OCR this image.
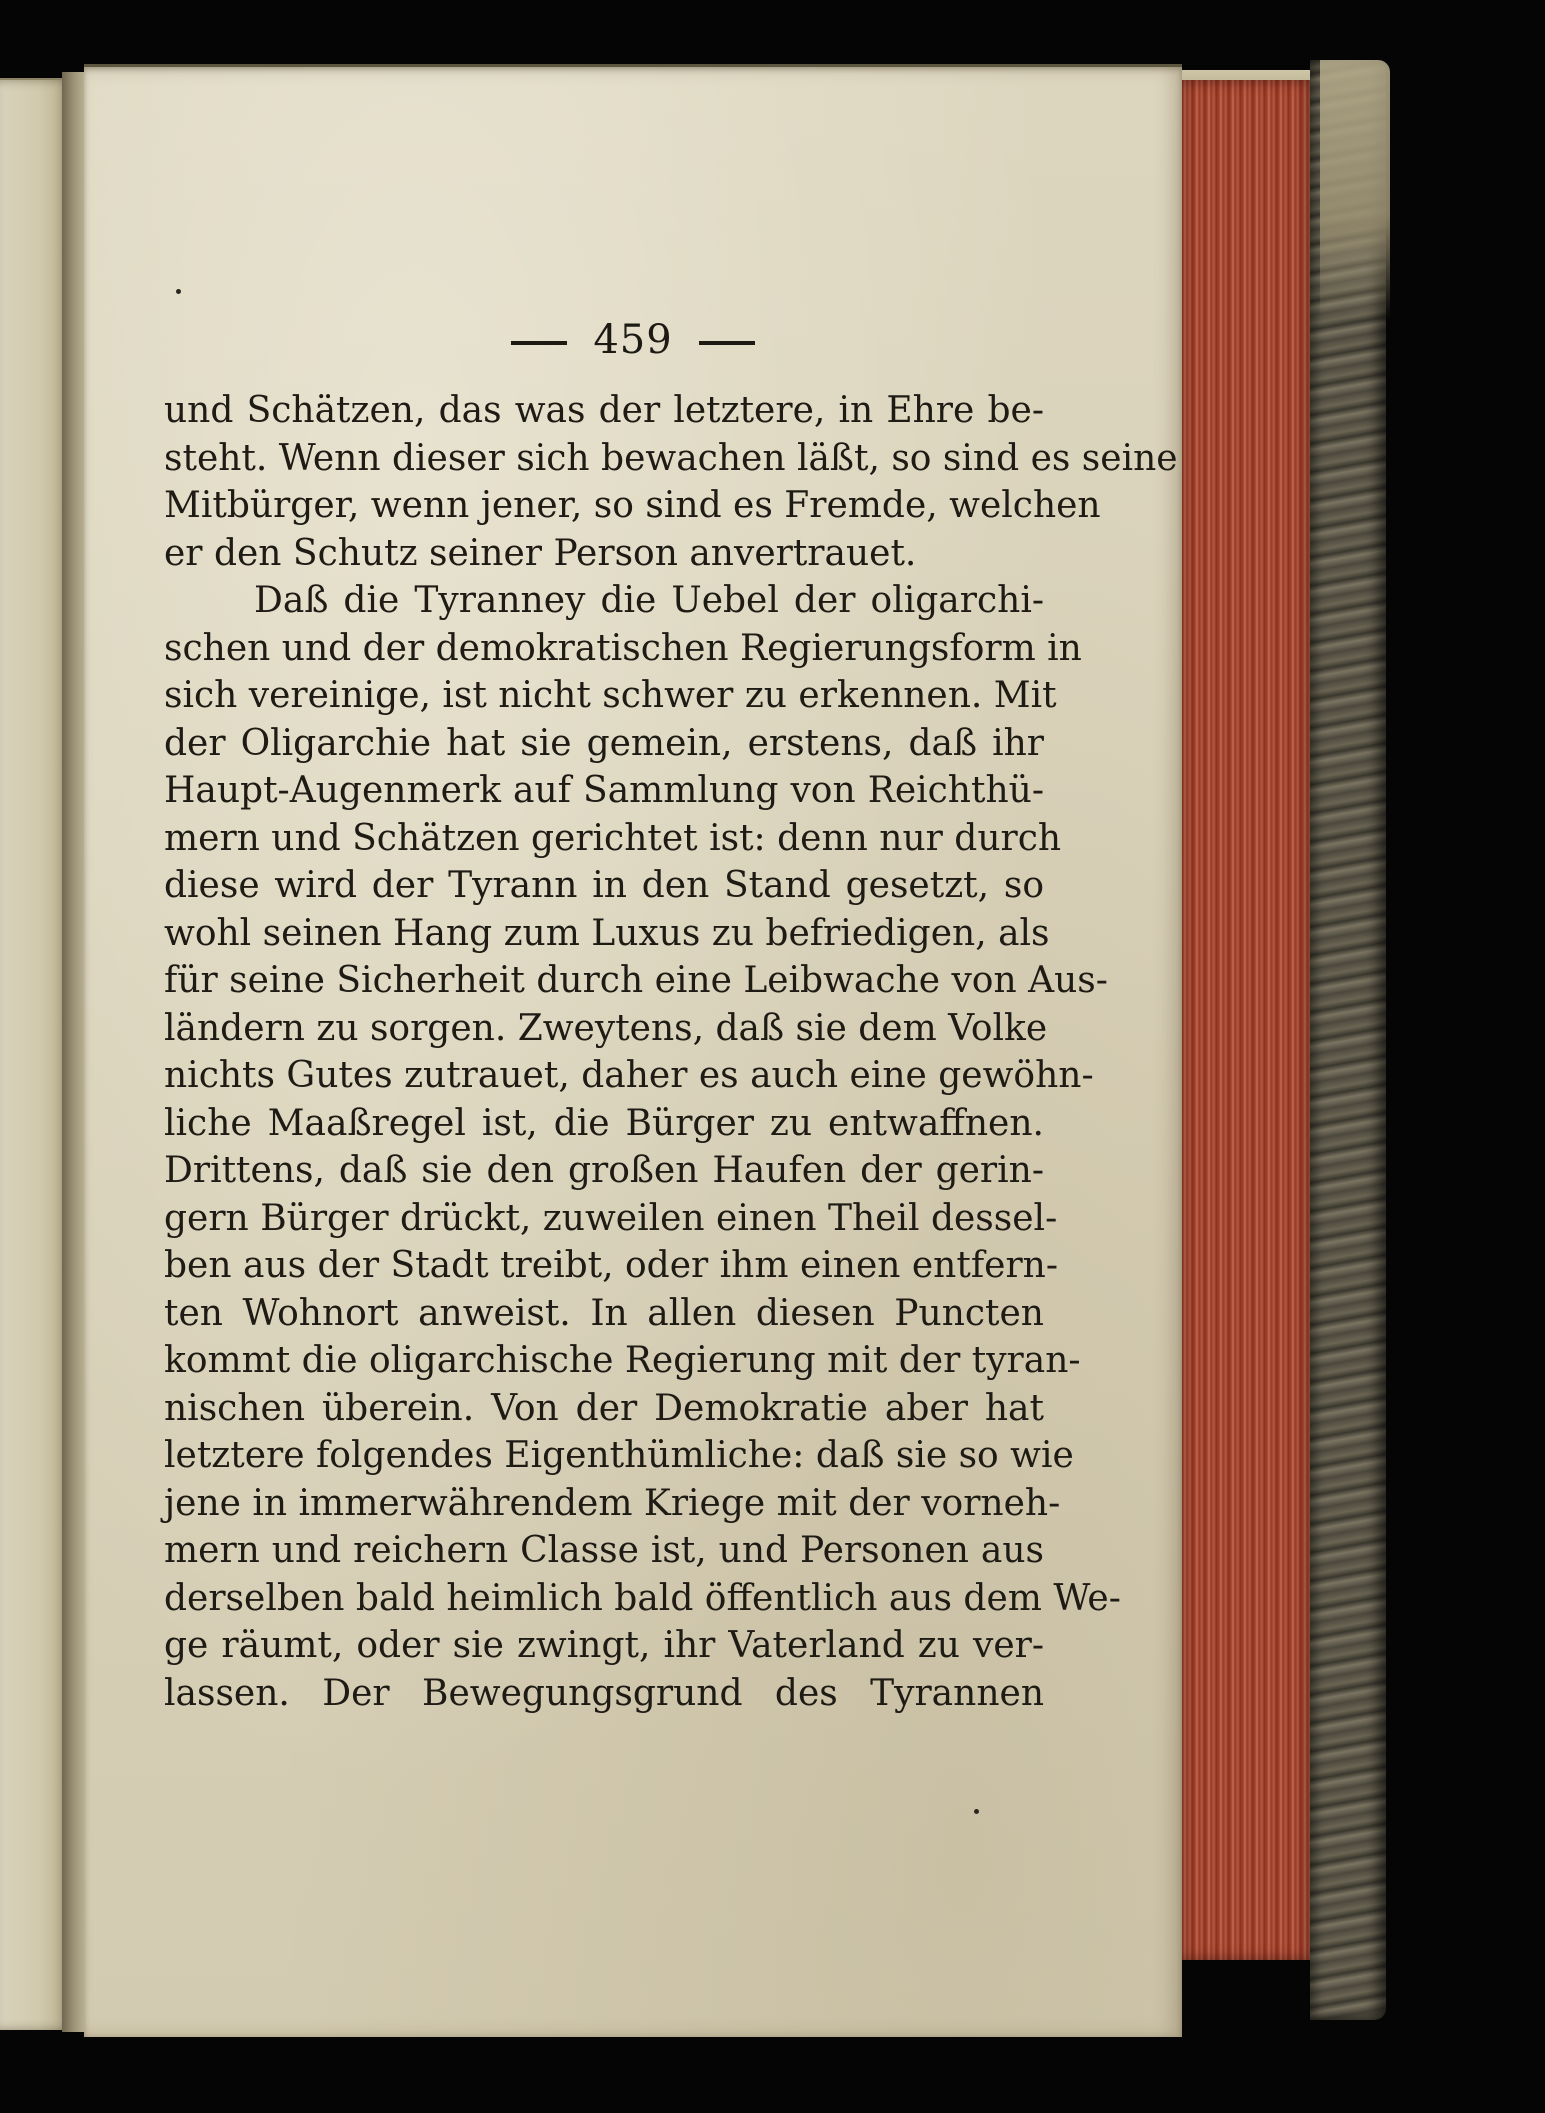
459
und Schätzen, das was der letztere, in Ehre be-
steht. Wenn dieser sich bewachen läßt, so sind es seine
Mitbürger, wenn jener, so sind es Fremde, welchen
er den Schutz seiner Person anvertrauet.
Daß die Tyranney die Uebel der oligarchi-
schen und der demokratischen Regierungsform in
sich vereinige, ist nicht schwer zu erkennen. Mit
der Oligarchie hat sie gemein, erstens, daß ihr
Haupt-Augenmerk auf Sammlung von Reichthü-
mern und Schätzen gerichtet ist: denn nur durch
diese wird der Tyrann in den Stand gesetzt, so
wohl seinen Hang zum Luxus zu befriedigen, als
für seine Sicherheit durch eine Leibwache von Aus-
ländern zu sorgen. Zweytens, daß sie dem Volke
nichts Gutes zutrauet, daher es auch eine gewöhn-
liche Maaßregel ist, die Bürger zu entwaffnen.
Drittens, daß sie den großen Haufen der gerin-
gern Bürger drückt, zuweilen einen Theil dessel-
ben aus der Stadt treibt, oder ihm einen entfern-
ten Wohnort anweist. In allen diesen Puncten
kommt die oligarchische Regierung mit der tyran-
nischen überein. Von der Demokratie aber hat
letztere folgendes Eigenthümliche: daß sie so wie
jene in immerwährendem Kriege mit der vorneh-
mern und reichern Classe ist, und Personen aus
derselben bald heimlich bald öffentlich aus dem We-
ge räumt, oder sie zwingt, ihr Vaterland zu ver-
lassen. Der Bewegungsgrund des Tyrannen
